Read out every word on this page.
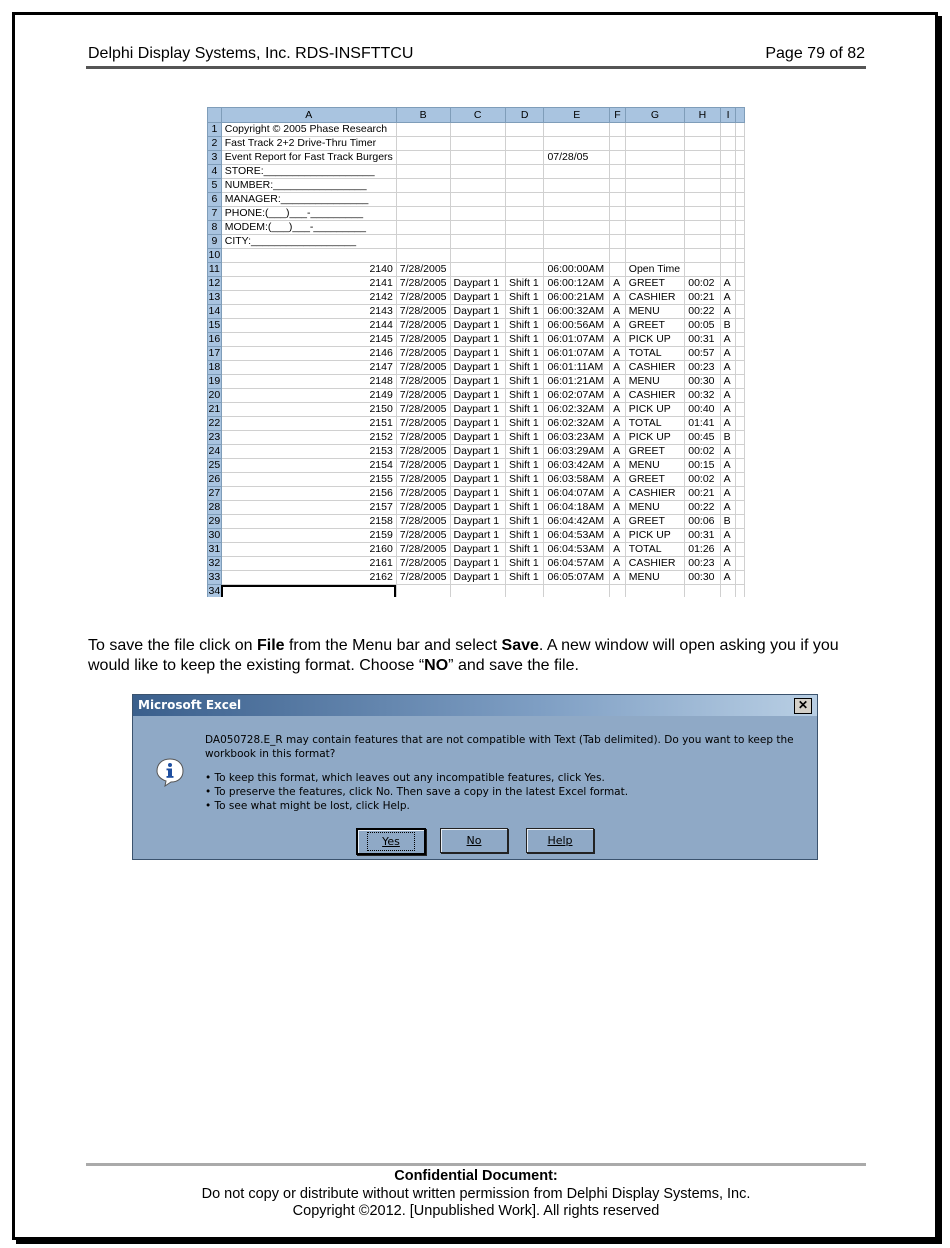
Delphi Display Systems, Inc. RDS-INSFTTCU	Page 79 of 82
	A	B	C	D	E	F	G	H	I	
1	Copyright © 2005 Phase Research									
2	Fast Track 2+2 Drive-Thru Timer									
3	Event Report for Fast Track Burgers				07/28/05					
4	STORE:___________________									
5	NUMBER:________________									
6	MANAGER:_______________									
7	PHONE:(___)___-_________									
8	MODEM:(___)___-_________									
9	CITY:__________________									
10										
11	2140	7/28/2005			06:00:00AM		Open Time			
12	2141	7/28/2005	Daypart 1	Shift 1	06:00:12AM	A	GREET	00:02	A	
13	2142	7/28/2005	Daypart 1	Shift 1	06:00:21AM	A	CASHIER	00:21	A	
14	2143	7/28/2005	Daypart 1	Shift 1	06:00:32AM	A	MENU	00:22	A	
15	2144	7/28/2005	Daypart 1	Shift 1	06:00:56AM	A	GREET	00:05	B	
16	2145	7/28/2005	Daypart 1	Shift 1	06:01:07AM	A	PICK UP	00:31	A	
17	2146	7/28/2005	Daypart 1	Shift 1	06:01:07AM	A	TOTAL	00:57	A	
18	2147	7/28/2005	Daypart 1	Shift 1	06:01:11AM	A	CASHIER	00:23	A	
19	2148	7/28/2005	Daypart 1	Shift 1	06:01:21AM	A	MENU	00:30	A	
20	2149	7/28/2005	Daypart 1	Shift 1	06:02:07AM	A	CASHIER	00:32	A	
21	2150	7/28/2005	Daypart 1	Shift 1	06:02:32AM	A	PICK UP	00:40	A	
22	2151	7/28/2005	Daypart 1	Shift 1	06:02:32AM	A	TOTAL	01:41	A	
23	2152	7/28/2005	Daypart 1	Shift 1	06:03:23AM	A	PICK UP	00:45	B	
24	2153	7/28/2005	Daypart 1	Shift 1	06:03:29AM	A	GREET	00:02	A	
25	2154	7/28/2005	Daypart 1	Shift 1	06:03:42AM	A	MENU	00:15	A	
26	2155	7/28/2005	Daypart 1	Shift 1	06:03:58AM	A	GREET	00:02	A	
27	2156	7/28/2005	Daypart 1	Shift 1	06:04:07AM	A	CASHIER	00:21	A	
28	2157	7/28/2005	Daypart 1	Shift 1	06:04:18AM	A	MENU	00:22	A	
29	2158	7/28/2005	Daypart 1	Shift 1	06:04:42AM	A	GREET	00:06	B	
30	2159	7/28/2005	Daypart 1	Shift 1	06:04:53AM	A	PICK UP	00:31	A	
31	2160	7/28/2005	Daypart 1	Shift 1	06:04:53AM	A	TOTAL	01:26	A	
32	2161	7/28/2005	Daypart 1	Shift 1	06:04:57AM	A	CASHIER	00:23	A	
33	2162	7/28/2005	Daypart 1	Shift 1	06:05:07AM	A	MENU	00:30	A	
34										
To save the file click on File from the Menu bar and select Save. A new window will open asking you if you would like to keep the existing format. Choose “NO” and save the file.
Microsoft Excel	✕

DA050728.E_R may contain features that are not compatible with Text (Tab delimited). Do you want to keep the workbook in this format?

• To keep this format, which leaves out any incompatible features, click Yes.
• To preserve the features, click No. Then save a copy in the latest Excel format.
• To see what might be lost, click Help.
Yes	No	Help
Confidential Document:
Do not copy or distribute without written permission from Delphi Display Systems, Inc.
Copyright ©2012. [Unpublished Work]. All rights reserved
